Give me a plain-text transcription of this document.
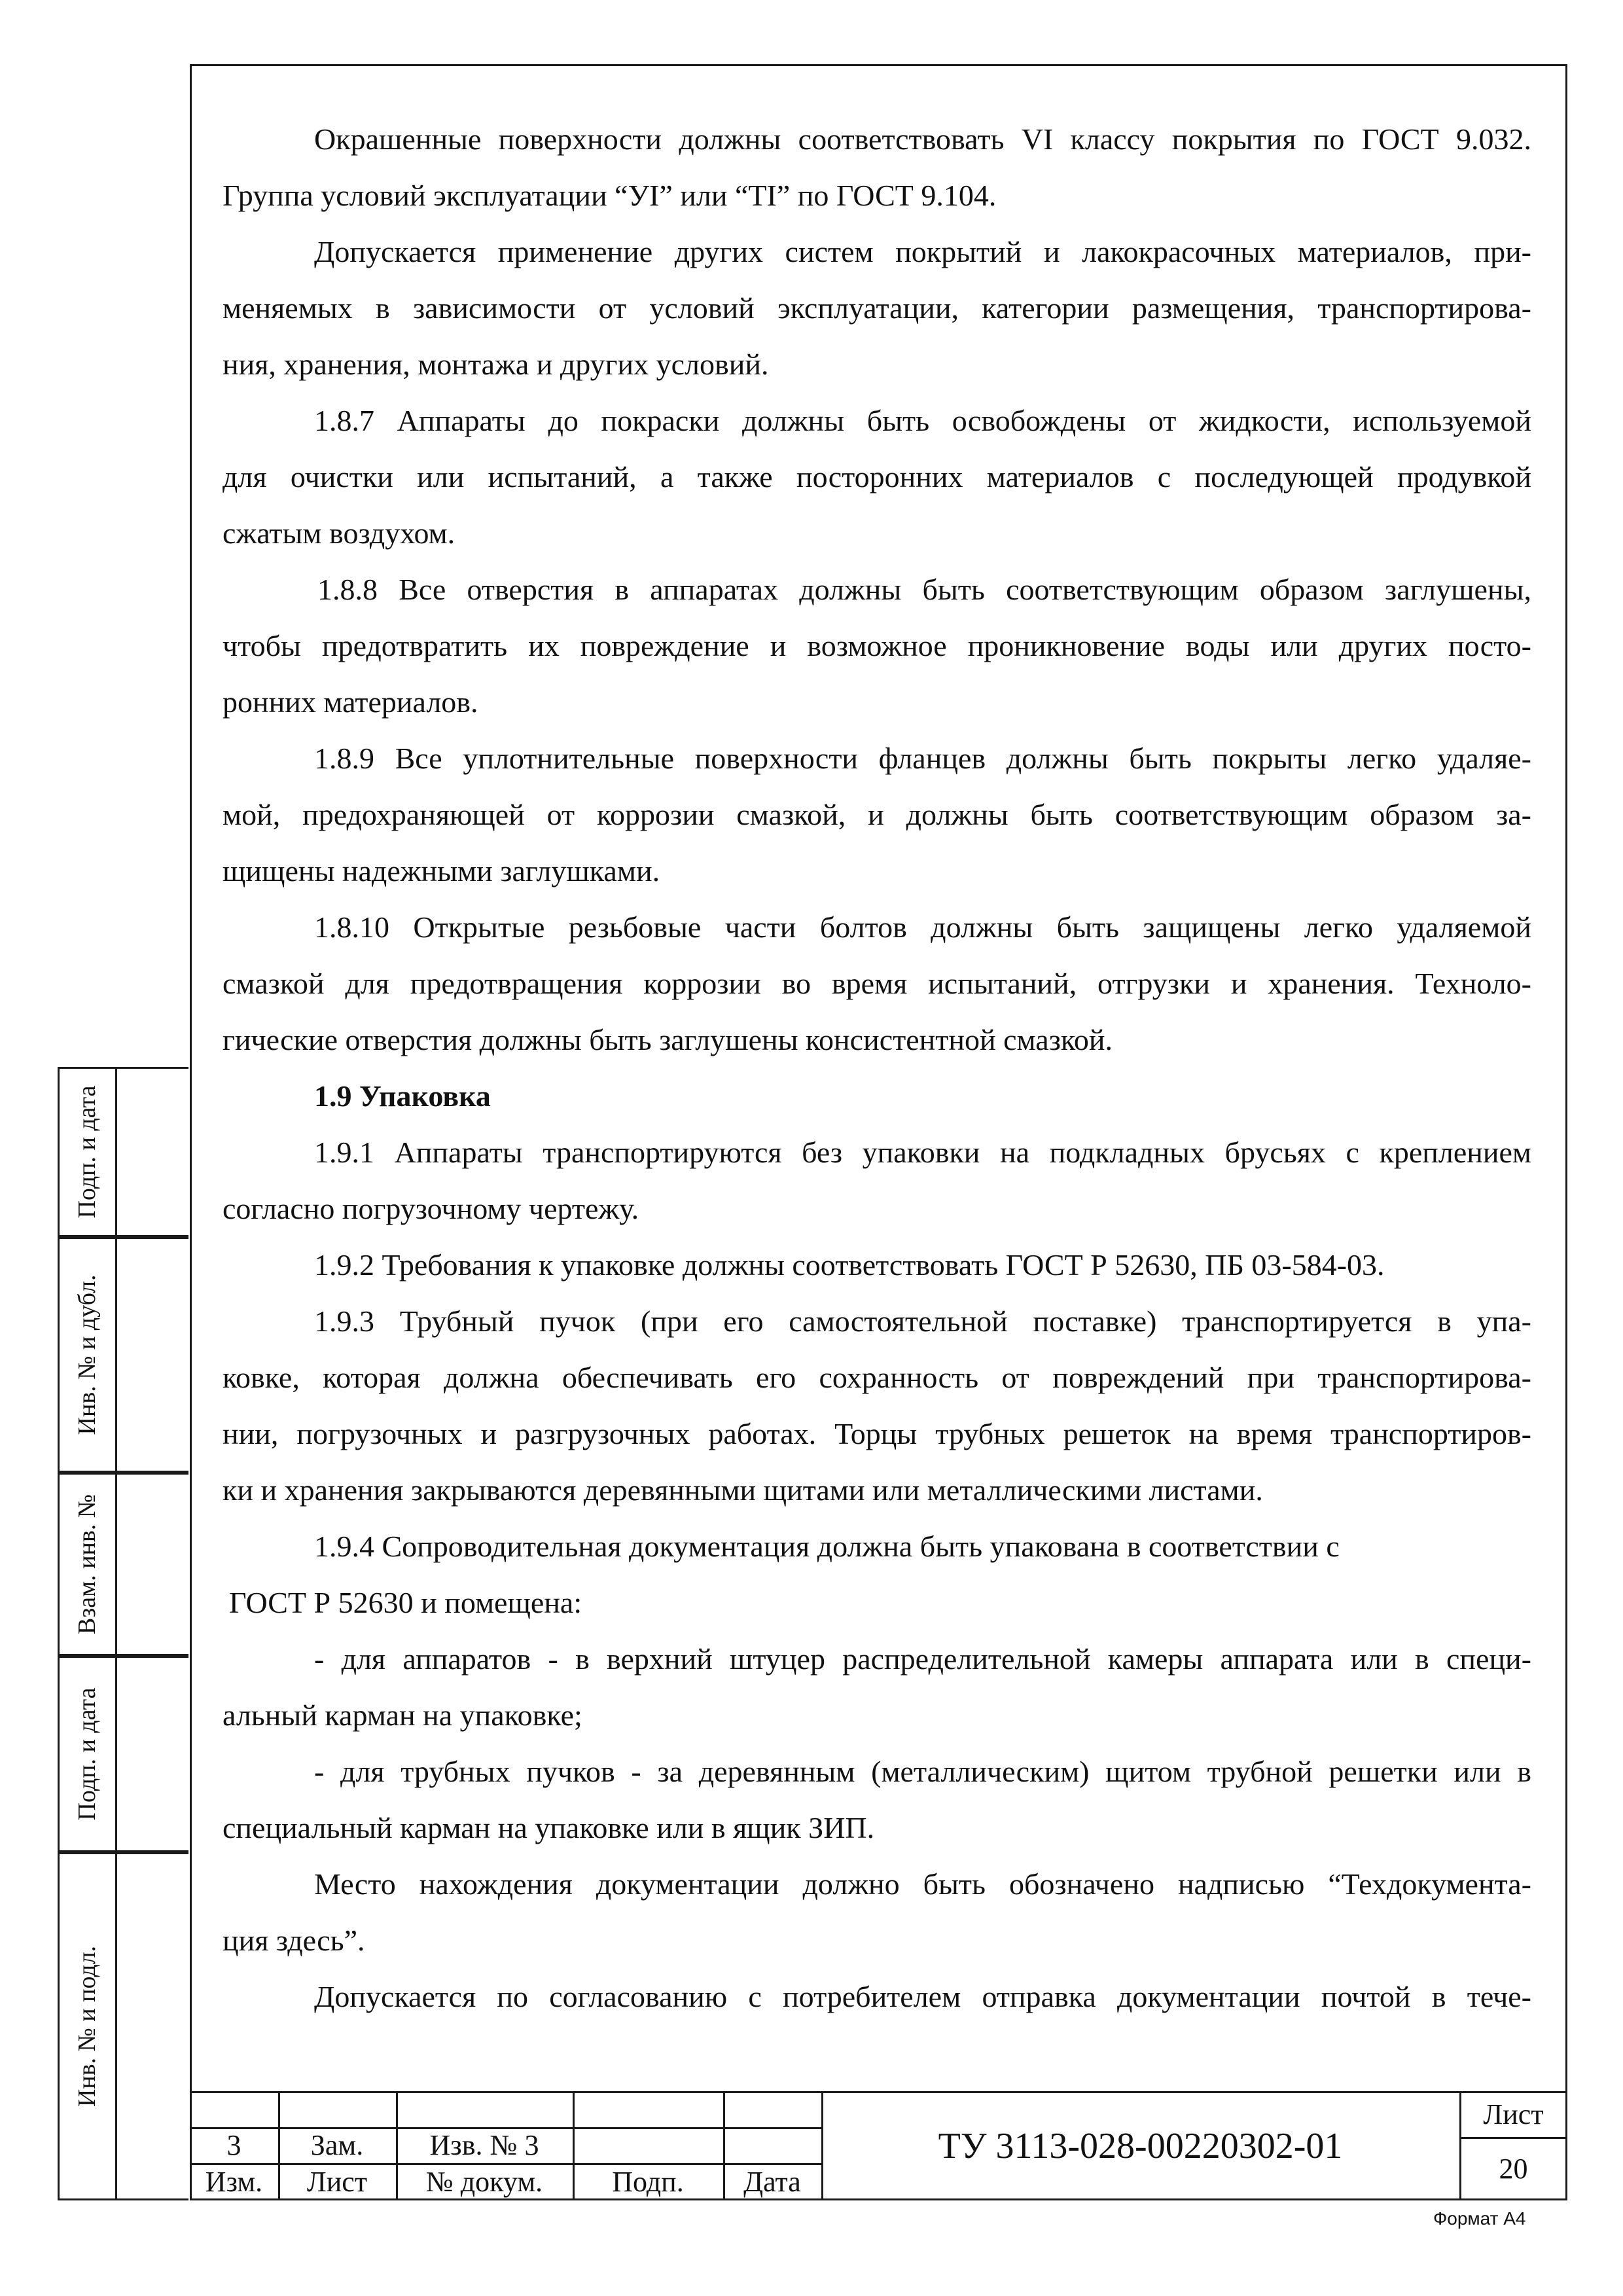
Окрашенные поверхности должны соответствовать VI классу покрытия по ГОСТ 9.032.
Группа условий эксплуатации “УI” или “ТI” по ГОСТ 9.104.
Допускается применение других систем покрытий и лакокрасочных материалов, при-
меняемых в зависимости от условий эксплуатации, категории размещения, транспортирова-
ния, хранения, монтажа и других условий.
1.8.7 Аппараты до покраски должны быть освобождены от жидкости, используемой
для очистки или испытаний, а также посторонних материалов с последующей продувкой
сжатым воздухом.
1.8.8 Все отверстия в аппаратах должны быть соответствующим образом заглушены,
чтобы предотвратить их повреждение и возможное проникновение воды или других посто-
ронних материалов.
1.8.9 Все уплотнительные поверхности фланцев должны быть покрыты легко удаляе-
мой, предохраняющей от коррозии смазкой, и должны быть соответствующим образом за-
щищены надежными заглушками.
1.8.10 Открытые резьбовые части болтов должны быть защищены легко удаляемой
смазкой для предотвращения коррозии во время испытаний, отгрузки и хранения. Техноло-
гические отверстия должны быть заглушены консистентной смазкой.
1.9 Упаковка
1.9.1 Аппараты транспортируются без упаковки на подкладных брусьях с креплением
согласно погрузочному чертежу.
1.9.2 Требования к упаковке должны соответствовать ГОСТ Р 52630, ПБ 03-584-03.
1.9.3 Трубный пучок (при его самостоятельной поставке) транспортируется в упа-
ковке, которая должна обеспечивать его сохранность от повреждений при транспортирова-
нии, погрузочных и разгрузочных работах. Торцы трубных решеток на время транспортиров-
ки и хранения закрываются деревянными щитами или металлическими листами.
1.9.4 Сопроводительная документация должна быть упакована в соответствии с
ГОСТ Р 52630 и помещена:
- для аппаратов - в верхний штуцер распределительной камеры аппарата или в специ-
альный карман на упаковке;
- для трубных пучков - за деревянным (металлическим) щитом трубной решетки или в
специальный карман на упаковке или в ящик ЗИП.
Место нахождения документации должно быть обозначено надписью “Техдокумента-
ция здесь”.
Допускается по согласованию с потребителем отправка документации почтой в тече-
Подп. и дата
Инв. № и дубл.
Взам. инв. №
Подп. и дата
Инв. № и подл.
3	Зам.	Изв. № 3
Изм.	Лист	№ докум.	Подп.	Дата
ТУ 3113-028-00220302-01
Лист
20
Формат А4
